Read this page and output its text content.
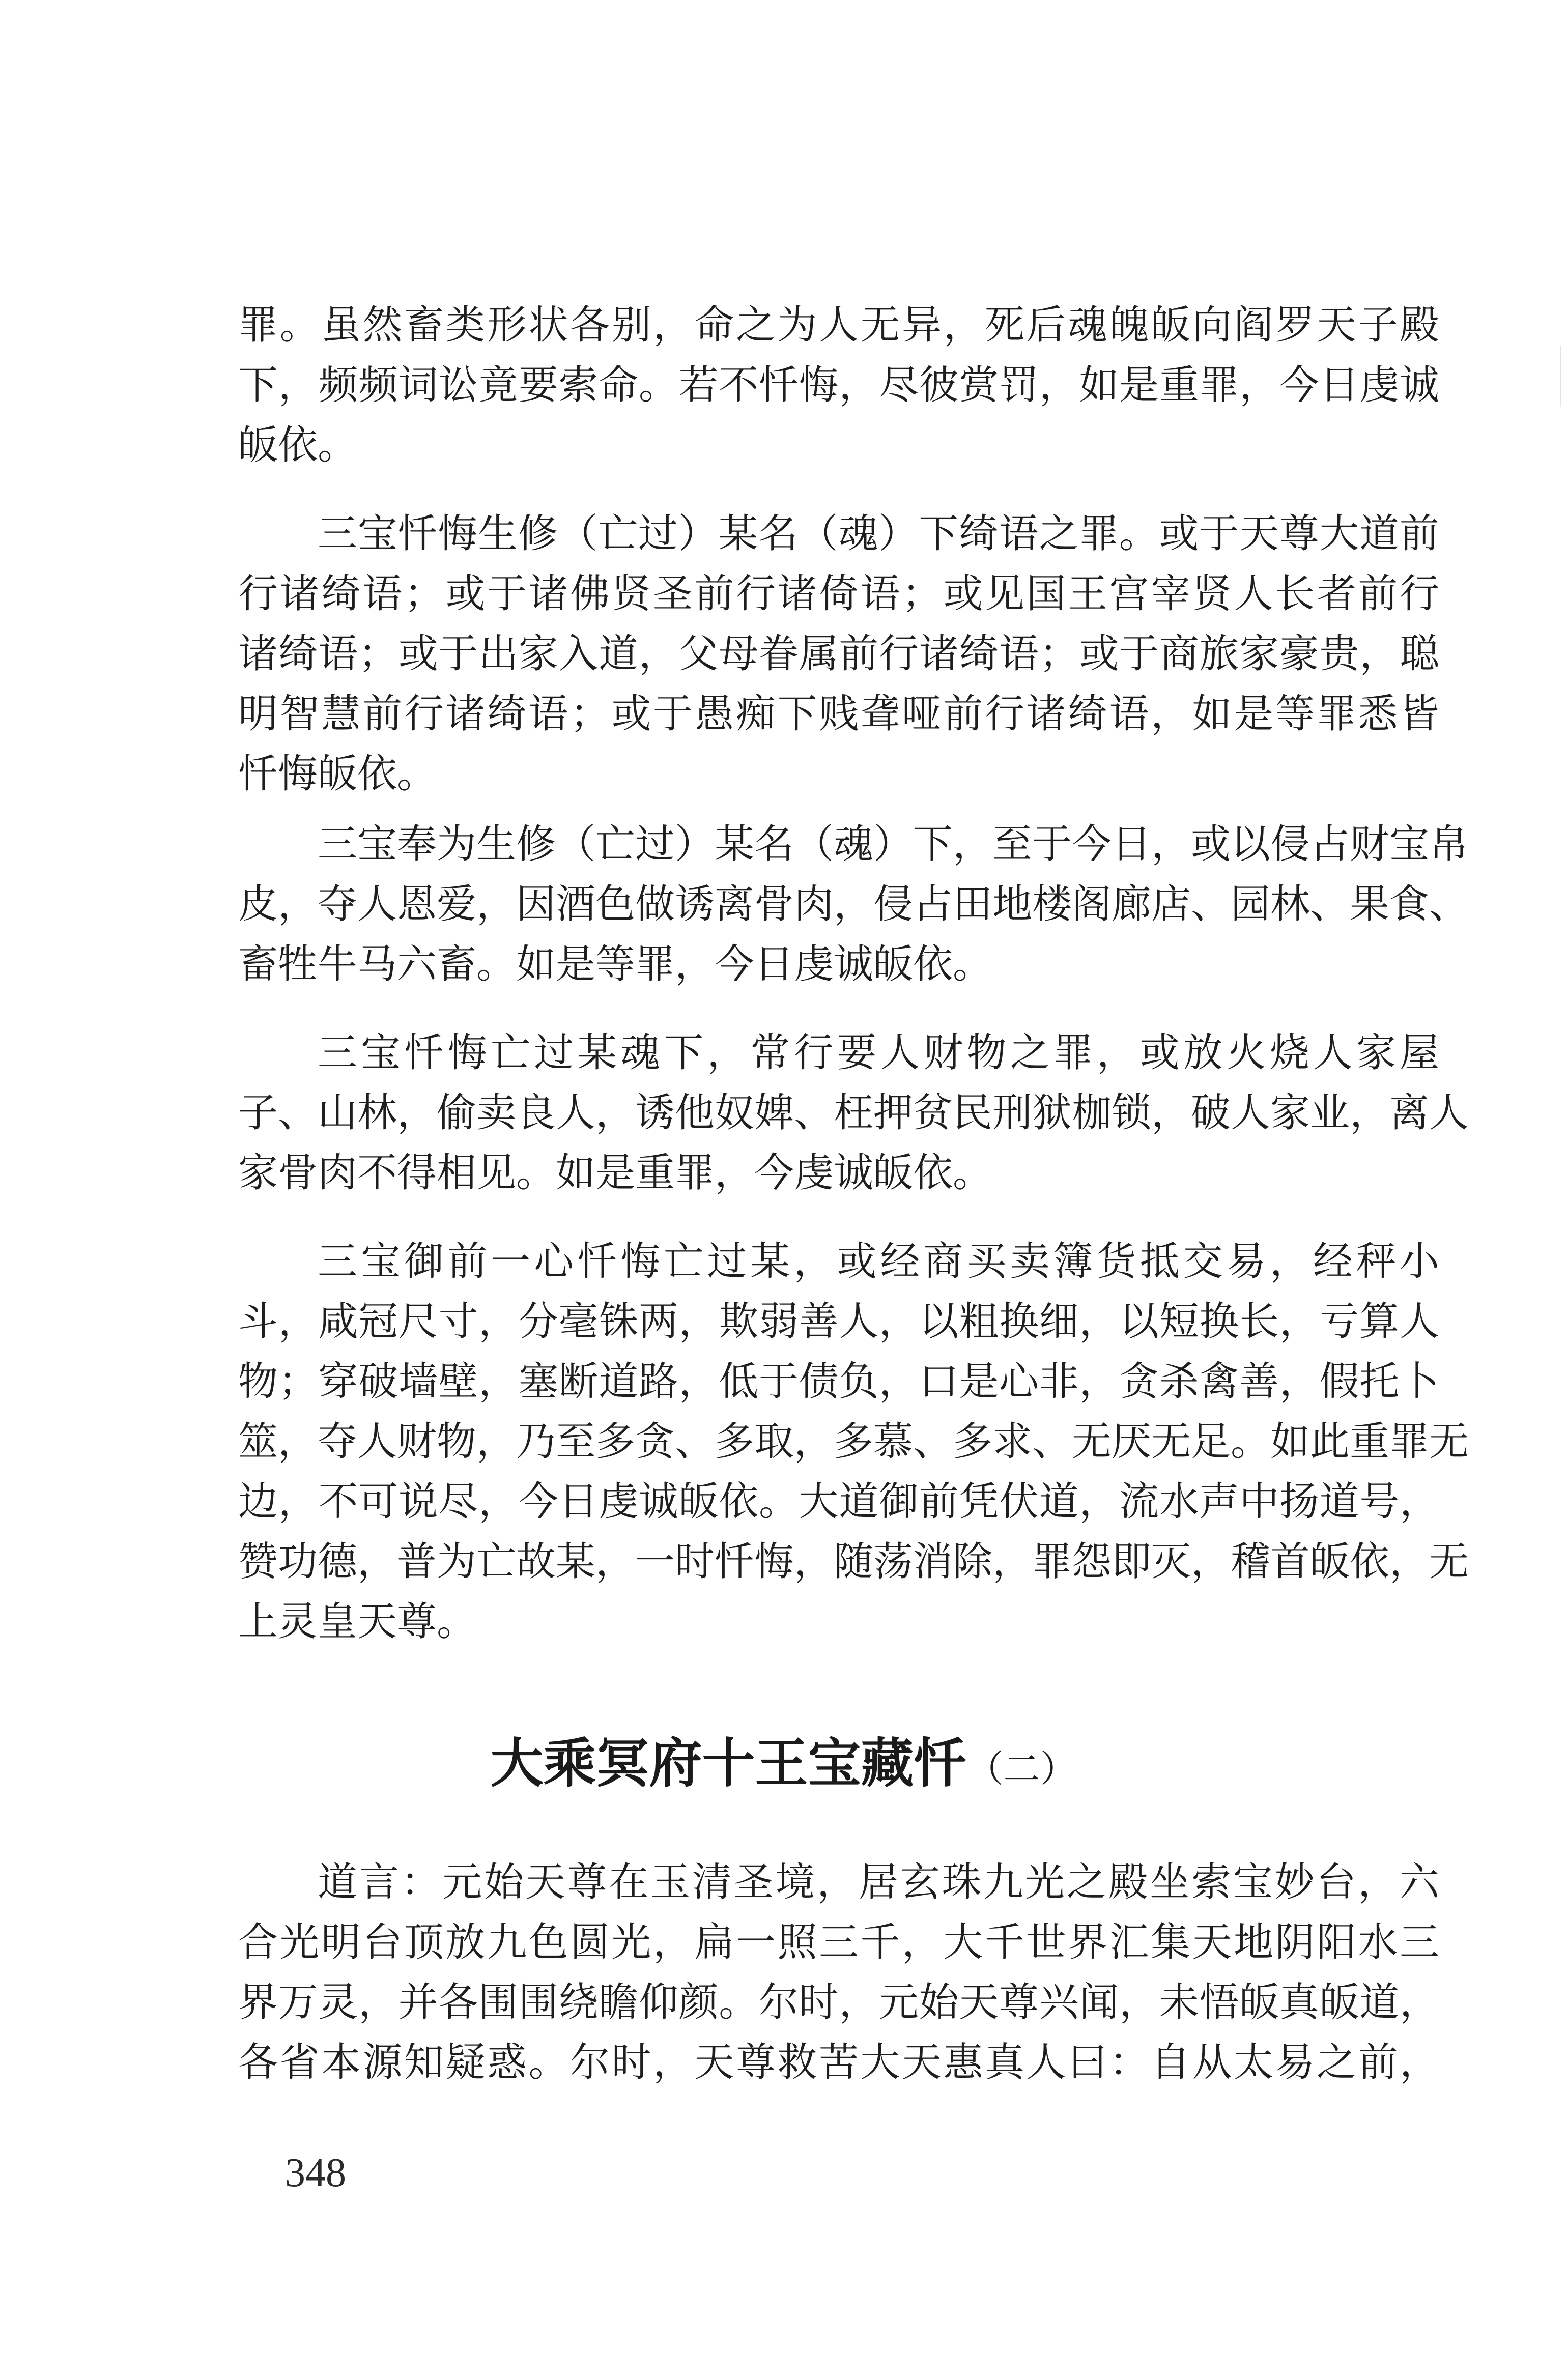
罪。虽然畜类形状各别，命之为人无异，死后魂魄皈向阎罗天子殿
下，频频词讼竟要索命。若不忏悔，尽彼赏罚，如是重罪，今日虔诚
皈依。
三宝忏悔生修（亡过）某名（魂）下绮语之罪。或于天尊大道前
行诸绮语；或于诸佛贤圣前行诸倚语；或见国王宫宰贤人长者前行
诸绮语；或于出家入道，父母眷属前行诸绮语；或于商旅家豪贵，聪
明智慧前行诸绮语；或于愚痴下贱聋哑前行诸绮语，如是等罪悉皆
忏悔皈依。
三宝奉为生修（亡过）某名（魂）下，至于今日，或以侵占财宝帛
皮，夺人恩爱，因酒色做诱离骨肉，侵占田地楼阁廊店、园林、果食、
畜牲牛马六畜。如是等罪，今日虔诚皈依。
三宝忏悔亡过某魂下，常行要人财物之罪，或放火烧人家屋
子、山林，偷卖良人，诱他奴婢、枉押贫民刑狱枷锁，破人家业，离人
家骨肉不得相见。如是重罪，今虔诚皈依。
三宝御前一心忏悔亡过某，或经商买卖簿货抵交易，经秤小
斗，咸冠尺寸，分毫铢两，欺弱善人，以粗换细，以短换长，亏算人
物；穿破墙壁，塞断道路，低于债负，口是心非，贪杀禽善，假托卜
筮，夺人财物，乃至多贪、多取，多慕、多求、无厌无足。如此重罪无
边，不可说尽，今日虔诚皈依。大道御前凭伏道，流水声中扬道号，
赞功德，普为亡故某，一时忏悔，随荡消除，罪怨即灭，稽首皈依，无
上灵皇天尊。
大乘冥府十王宝藏忏（二）
道言：元始天尊在玉清圣境，居玄珠九光之殿坐索宝妙台，六
合光明台顶放九色圆光，扁一照三千，大千世界汇集天地阴阳水三
界万灵，并各围围绕瞻仰颜。尔时，元始天尊兴闻，未悟皈真皈道，
各省本源知疑惑。尔时，天尊救苦大天惠真人曰：自从太易之前，
348
